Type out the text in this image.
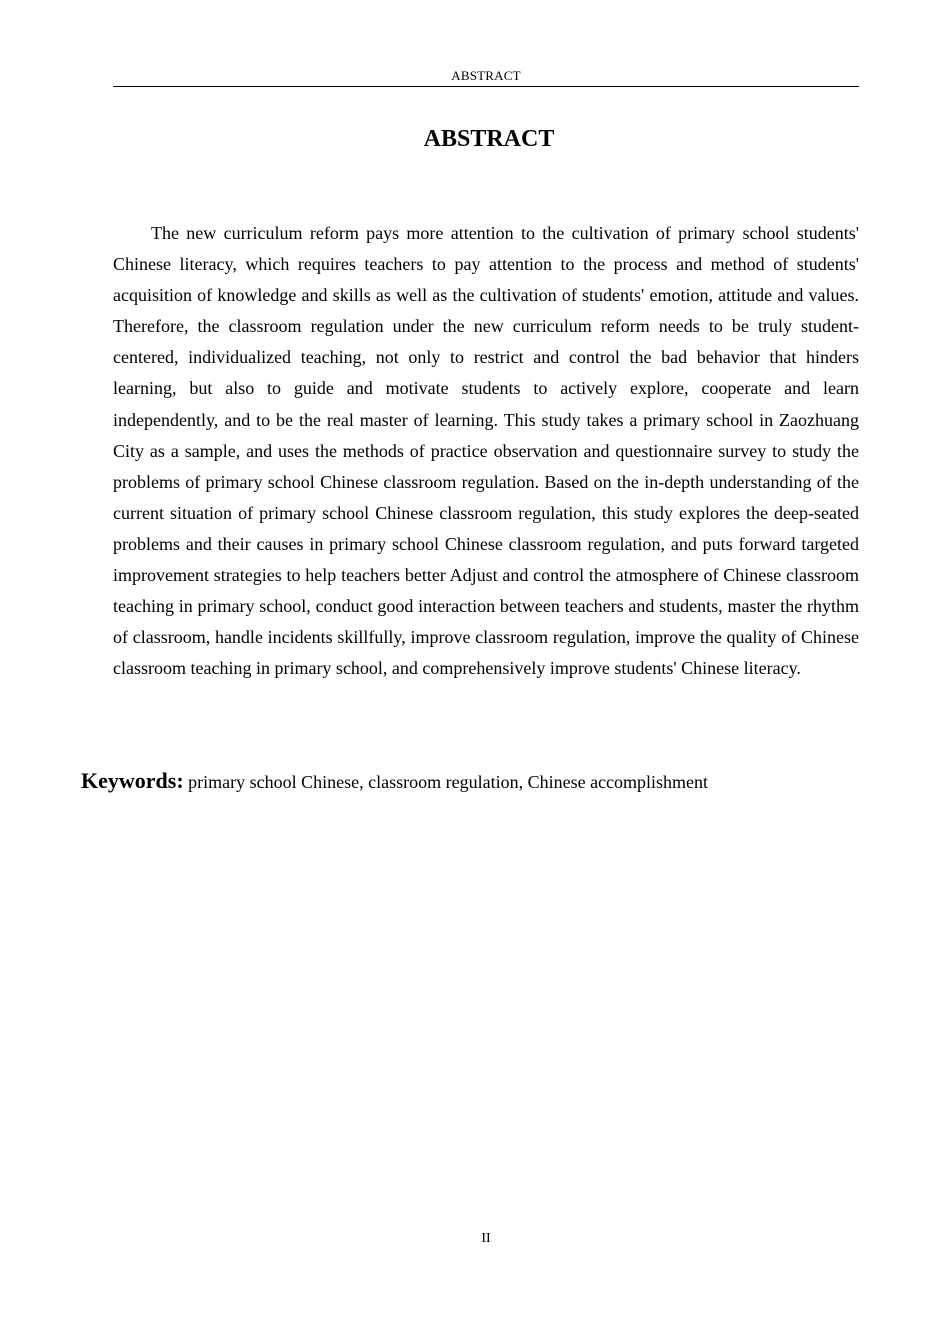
ABSTRACT
ABSTRACT

The new curriculum reform pays more attention to the cultivation of primary school students' Chinese literacy, which requires teachers to pay attention to the process and method of students' acquisition of knowledge and skills as well as the cultivation of students' emotion, attitude and values. Therefore, the classroom regulation under the new curriculum reform needs to be truly student-centered, individualized teaching, not only to restrict and control the bad behavior that hinders learning, but also to guide and motivate students to actively explore, cooperate and learn independently, and to be the real master of learning. This study takes a primary school in Zaozhuang City as a sample, and uses the methods of practice observation and questionnaire survey to study the problems of primary school Chinese classroom regulation. Based on the in-depth understanding of the current situation of primary school Chinese classroom regulation, this study explores the deep-seated problems and their causes in primary school Chinese classroom regulation, and puts forward targeted improvement strategies to help teachers better Adjust and control the atmosphere of Chinese classroom teaching in primary school, conduct good interaction between teachers and students, master the rhythm of classroom, handle incidents skillfully, improve classroom regulation, improve the quality of Chinese classroom teaching in primary school, and comprehensively improve students' Chinese literacy.

Keywords: primary school Chinese, classroom regulation, Chinese accomplishment

II
